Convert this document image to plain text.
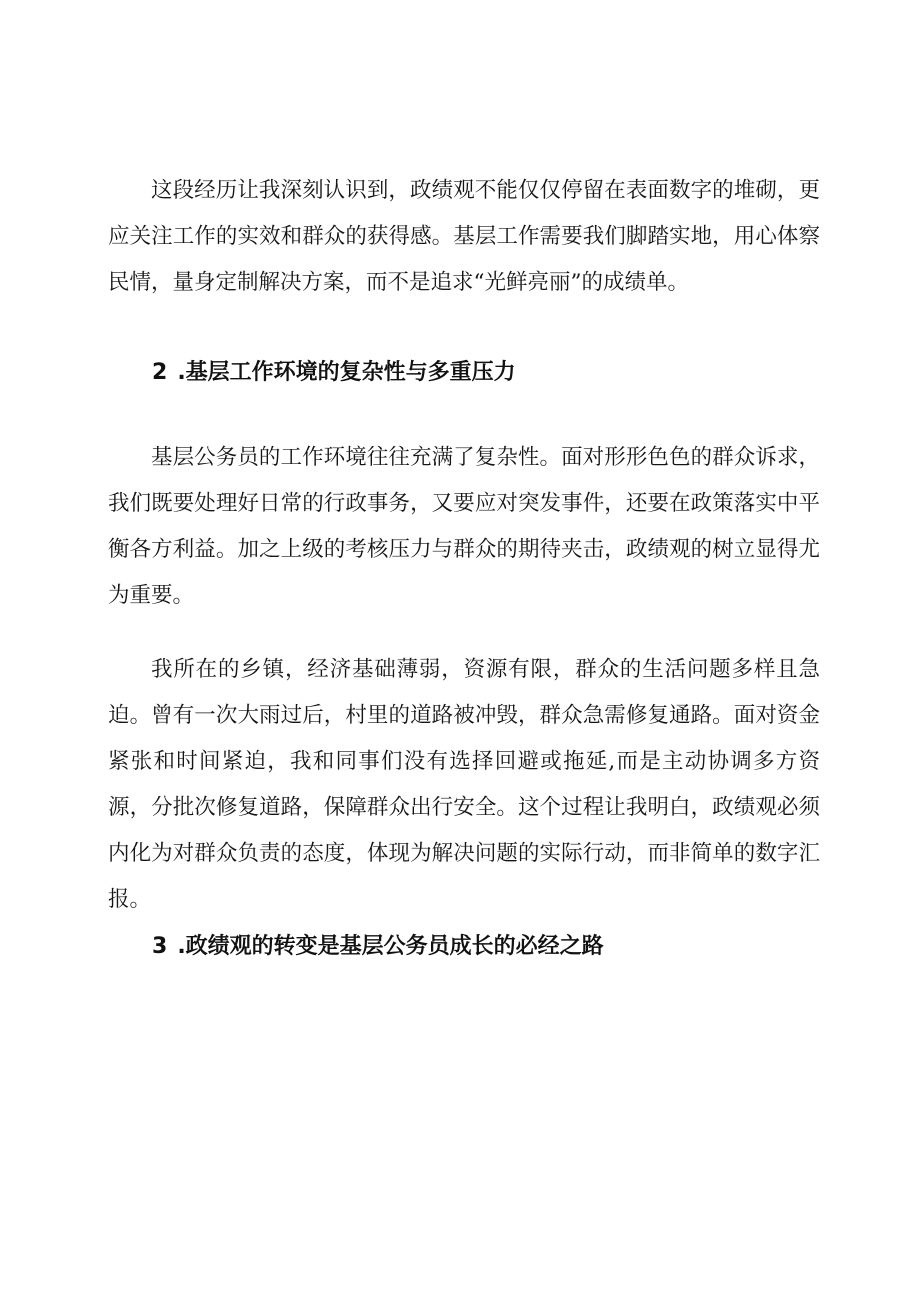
这段经历让我深刻认识到，政绩观不能仅仅停留在表面数字的堆砌，更应关注工作的实效和群众的获得感。基层工作需要我们脚踏实地，用心体察民情，量身定制解决方案，而不是追求“光鲜亮丽”的成绩单。

2 .基层工作环境的复杂性与多重压力

基层公务员的工作环境往往充满了复杂性。面对形形色色的群众诉求，我们既要处理好日常的行政事务，又要应对突发事件，还要在政策落实中平衡各方利益。加之上级的考核压力与群众的期待夹击，政绩观的树立显得尤为重要。

我所在的乡镇，经济基础薄弱，资源有限，群众的生活问题多样且急迫。曾有一次大雨过后，村里的道路被冲毁，群众急需修复通路。面对资金紧张和时间紧迫，我和同事们没有选择回避或拖延,而是主动协调多方资源，分批次修复道路，保障群众出行安全。这个过程让我明白，政绩观必须内化为对群众负责的态度，体现为解决问题的实际行动，而非简单的数字汇报。

3 .政绩观的转变是基层公务员成长的必经之路
